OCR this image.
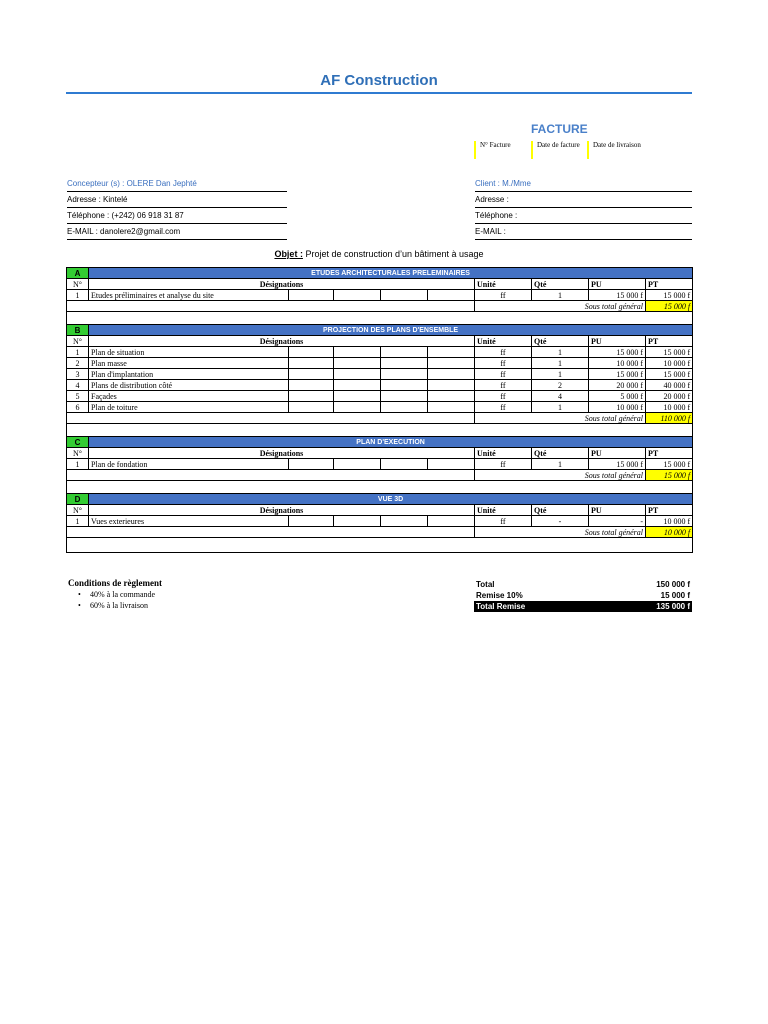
AF Construction
FACTURE
N° Facture	Date de facture	Date de livraison
Concepteur (s) : OLERE Dan Jephté
Adresse : Kintelé
Téléphone : (+242) 06 918 31 87
E-MAIL : danolere2@gmail.com
Client : M./Mme
Adresse :
Téléphone :
E-MAIL :
Objet : Projet de construction d’un bâtiment à usage
A	ETUDES ARCHITECTURALES PRELEMINAIRES								
N°	Désignations					Unité	Qté	PU	PT
1	Etudes préliminaires et analyse du site					ff	1	15 000 f	15 000 f
						Sous total général			15 000 f

B	PROJECTION DES PLANS D'ENSEMBLE								
N°	Désignations					Unité	Qté	PU	PT
1	Plan de situation					ff	1	15 000 f	15 000 f
2	Plan masse					ff	1	10 000 f	10 000 f
3	Plan d'implantation					ff	1	15 000 f	15 000 f
4	Plans de distribution côté					ff	2	20 000 f	40 000 f
5	Façades					ff	4	5 000 f	20 000 f
6	Plan de toiture					ff	1	10 000 f	10 000 f
						Sous total général			110 000 f

C	PLAN D'EXECUTION								
N°	Désignations					Unité	Qté	PU	PT
1	Plan de fondation					ff	1	15 000 f	15 000 f
						Sous total général			15 000 f

D	VUE 3D								
N°	Désignations					Unité	Qté	PU	PT
1	Vues exterieures					ff	-	-	10 000 f
						Sous total général			10 000 f

Conditions de règlement
• 40% à la commande
• 60% à la livraison
Total	150 000 f
Remise 10%	15 000 f
Total Remise	135 000 f
